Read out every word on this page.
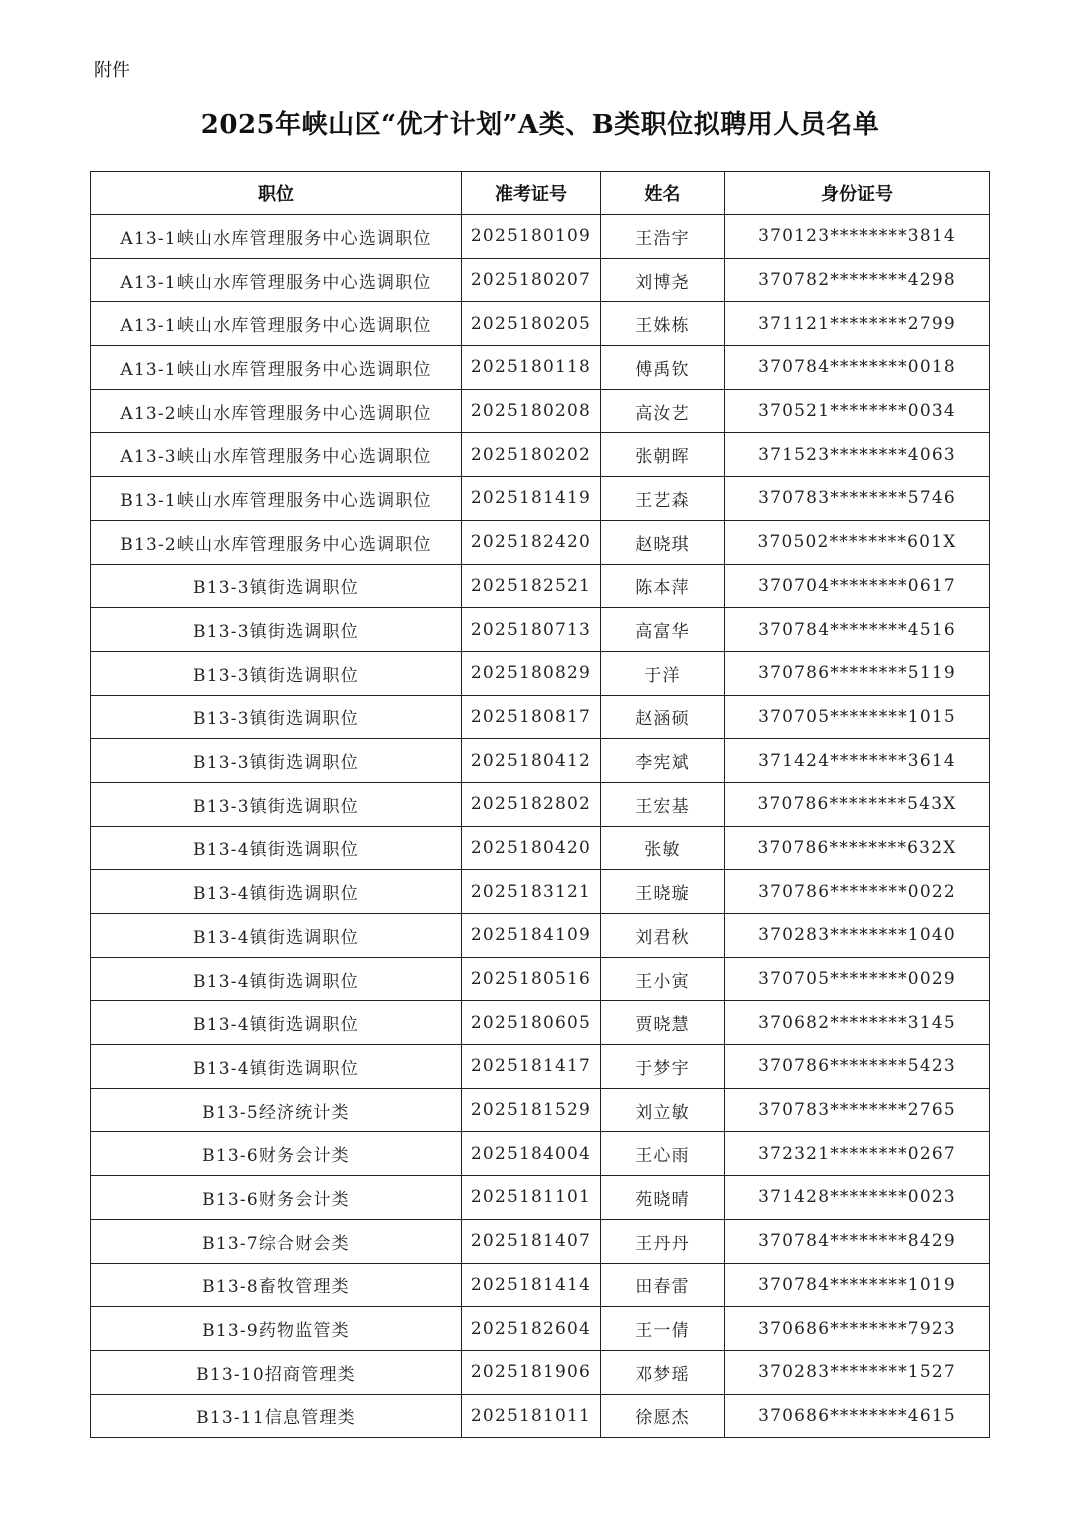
附件
2025年峡山区“优才计划”A类、B类职位拟聘用人员名单
职位	准考证号	姓名	身份证号
A13-1峡山水库管理服务中心选调职位	2025180109	王浩宇	370123********3814
A13-1峡山水库管理服务中心选调职位	2025180207	刘博尧	370782********4298
A13-1峡山水库管理服务中心选调职位	2025180205	王姝栋	371121********2799
A13-1峡山水库管理服务中心选调职位	2025180118	傅禹钦	370784********0018
A13-2峡山水库管理服务中心选调职位	2025180208	高汝艺	370521********0034
A13-3峡山水库管理服务中心选调职位	2025180202	张朝晖	371523********4063
B13-1峡山水库管理服务中心选调职位	2025181419	王艺森	370783********5746
B13-2峡山水库管理服务中心选调职位	2025182420	赵晓琪	370502********601X
B13-3镇街选调职位	2025182521	陈本萍	370704********0617
B13-3镇街选调职位	2025180713	高富华	370784********4516
B13-3镇街选调职位	2025180829	于洋	370786********5119
B13-3镇街选调职位	2025180817	赵涵硕	370705********1015
B13-3镇街选调职位	2025180412	李宪斌	371424********3614
B13-3镇街选调职位	2025182802	王宏基	370786********543X
B13-4镇街选调职位	2025180420	张敏	370786********632X
B13-4镇街选调职位	2025183121	王晓璇	370786********0022
B13-4镇街选调职位	2025184109	刘君秋	370283********1040
B13-4镇街选调职位	2025180516	王小寅	370705********0029
B13-4镇街选调职位	2025180605	贾晓慧	370682********3145
B13-4镇街选调职位	2025181417	于梦宇	370786********5423
B13-5经济统计类	2025181529	刘立敏	370783********2765
B13-6财务会计类	2025184004	王心雨	372321********0267
B13-6财务会计类	2025181101	苑晓晴	371428********0023
B13-7综合财会类	2025181407	王丹丹	370784********8429
B13-8畜牧管理类	2025181414	田春雷	370784********1019
B13-9药物监管类	2025182604	王一倩	370686********7923
B13-10招商管理类	2025181906	邓梦瑶	370283********1527
B13-11信息管理类	2025181011	徐愿杰	370686********4615
